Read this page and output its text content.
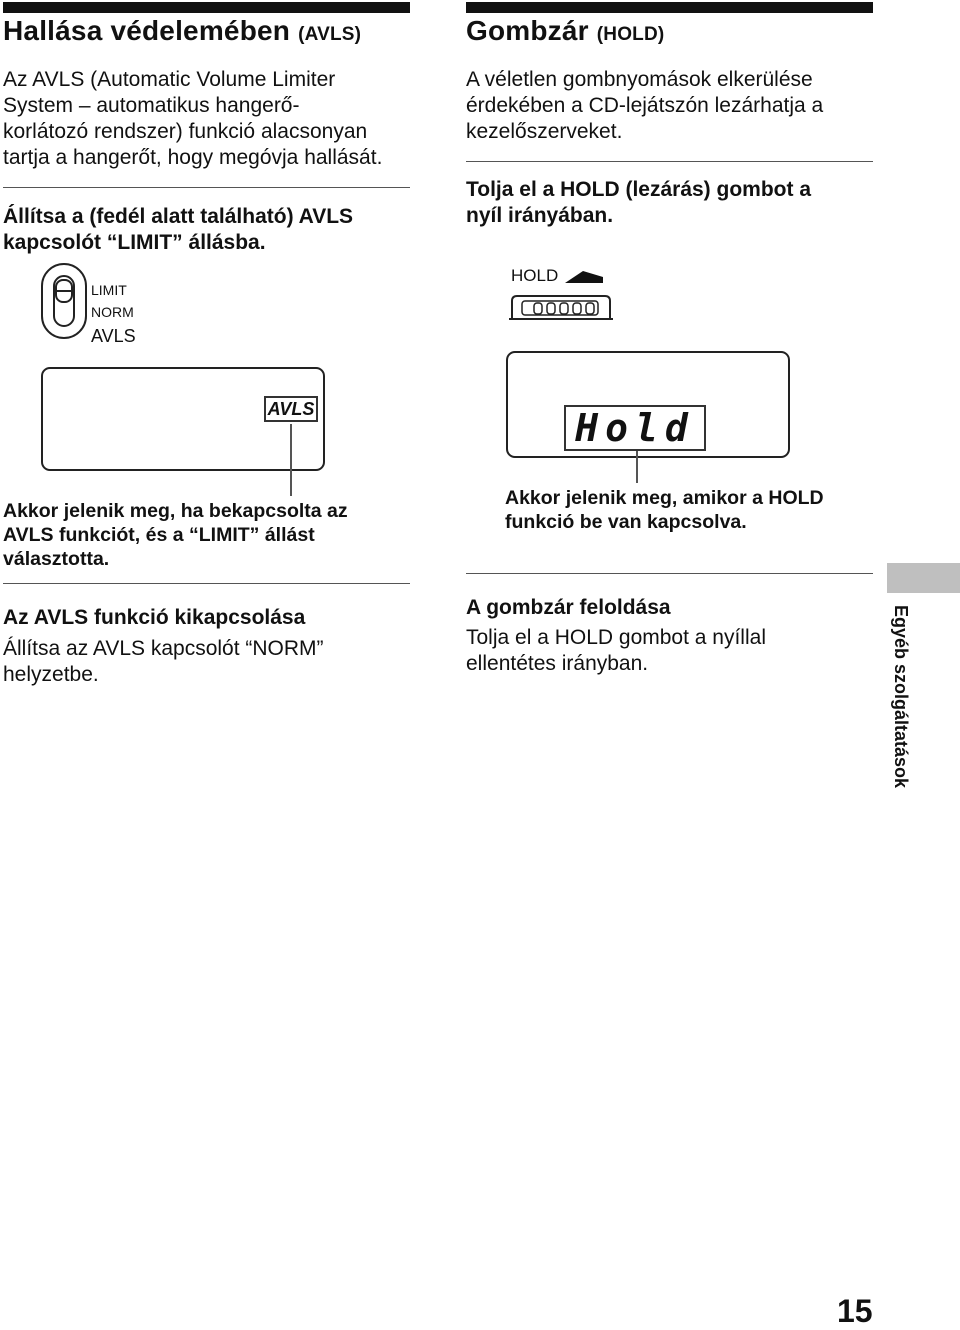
Hallása védelemében (AVLS)
Az AVLS (Automatic Volume Limiter
System – automatikus hangerő-
korlátozó rendszer) funkció alacsonyan
tartja a hangerőt, hogy megóvja hallását.
Állítsa a (fedél alatt található) AVLS
kapcsolót “LIMIT” állásba.
LIMIT
NORM
AVLS
AVLS
Akkor jelenik meg, ha bekapcsolta az
AVLS funkciót, és a “LIMIT” állást
választotta.
Az AVLS funkció kikapcsolása
Állítsa az AVLS kapcsolót “NORM”
helyzetbe.
Gombzár (HOLD)
A véletlen gombnyomások elkerülése
érdekében a CD-lejátszón lezárhatja a
kezelőszerveket.
Tolja el a HOLD (lezárás) gombot a
nyíl irányában.
HOLD
Hold
Akkor jelenik meg, amikor a HOLD
funkció be van kapcsolva.
A gombzár feloldása
Tolja el a HOLD gombot a nyíllal
ellentétes irányban.	Egyéb szolgáltatások
15
